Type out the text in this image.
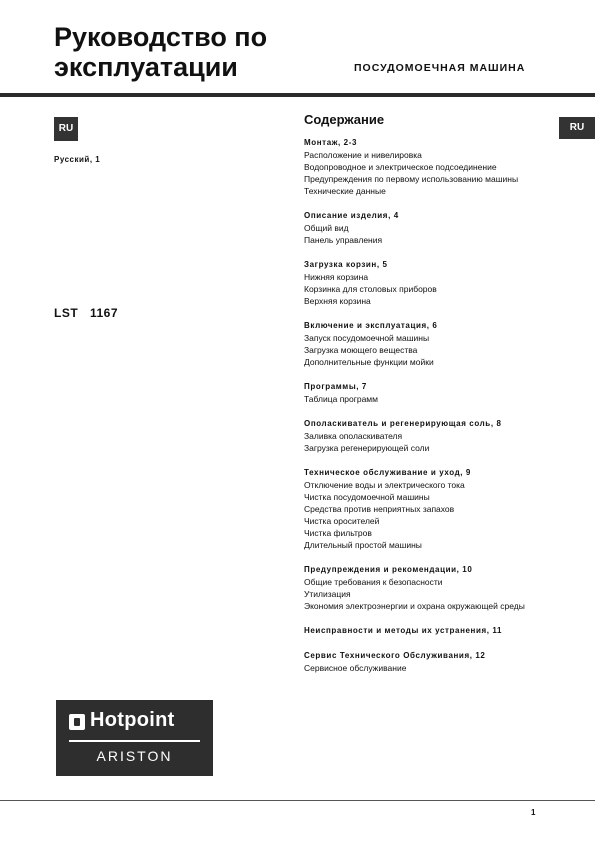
Руководство по
эксплуатации	ПОСУДОМОЕЧНАЯ МАШИНА
RU	RU
Русский, 1
LST 1167
Содержание
Монтаж, 2-3
Расположение и нивелировка
Водопроводное и электрическое подсоединение
Предупреждения по первому использованию машины
Технические данные
Описание изделия, 4
Общий вид
Панель управления
Загрузка корзин, 5
Нижняя корзина
Корзинка для столовых приборов
Верхняя корзина
Включение и эксплуатация, 6
Запуск посудомоечной машины
Загрузка моющего вещества
Дополнительные функции мойки
Программы, 7
Таблица программ
Ополаскиватель и регенерирующая соль, 8
Заливка ополаскивателя
Загрузка регенерирующей соли
Техническое обслуживание и уход, 9
Отключение воды и электрического тока
Чистка посудомоечной машины
Средства против неприятных запахов
Чистка оросителей
Чистка фильтров
Длительный простой машины
Предупреждения и рекомендации, 10
Общие требования к безопасности
Утилизация
Экономия электроэнергии и охрана окружающей среды
Неисправности и методы их устранения, 11
Сервис Технического Обслуживания, 12
Сервисное обслуживание
Hotpoint
ARISTON
1
